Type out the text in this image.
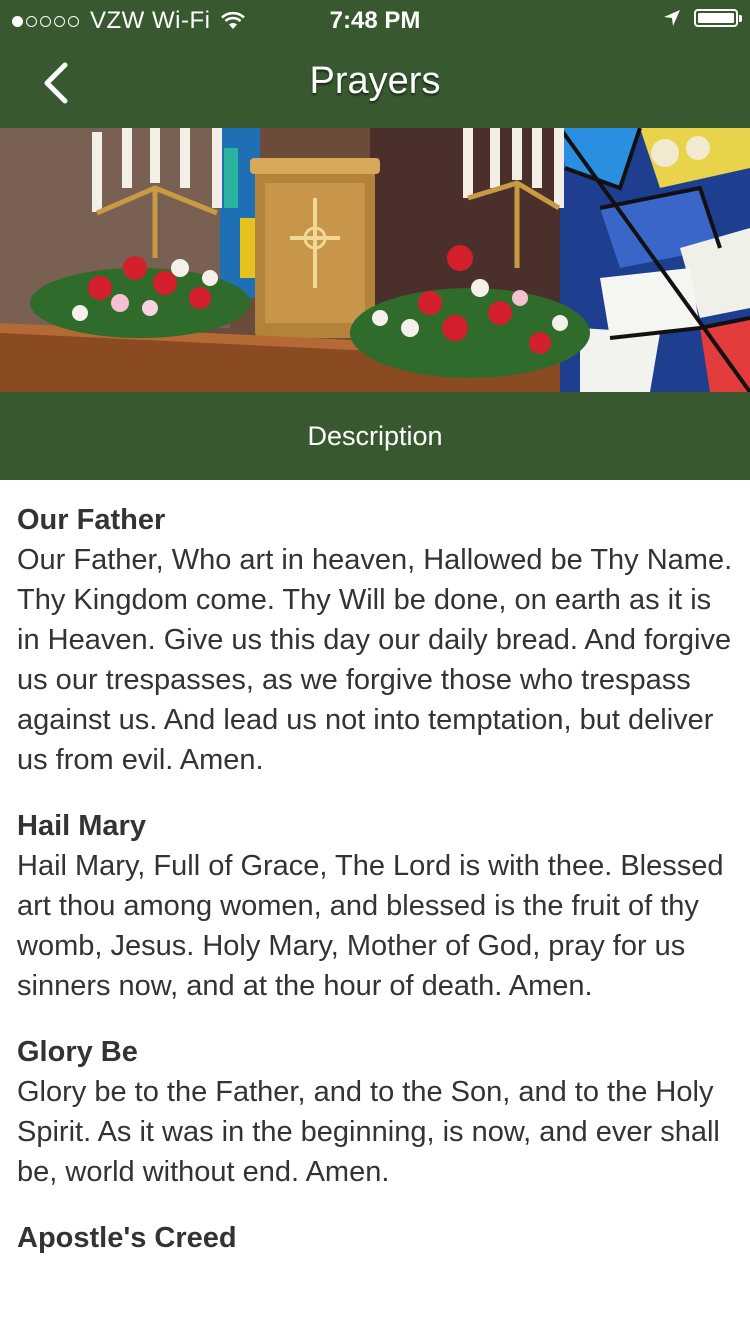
VZW Wi-Fi	7:48 PM
Prayers
Description
Our Father
Our Father, Who art in heaven, Hallowed be Thy Name. Thy Kingdom come. Thy Will be done, on earth as it is in Heaven. Give us this day our daily bread. And forgive us our trespasses, as we forgive those who trespass against us. And lead us not into temptation, but deliver us from evil. Amen.
Hail Mary
Hail Mary, Full of Grace, The Lord is with thee. Blessed art thou among women, and blessed is the fruit of thy womb, Jesus. Holy Mary, Mother of God, pray for us sinners now, and at the hour of death. Amen.
Glory Be
Glory be to the Father, and to the Son, and to the Holy Spirit. As it was in the beginning, is now, and ever shall be, world without end. Amen.
Apostle's Creed
